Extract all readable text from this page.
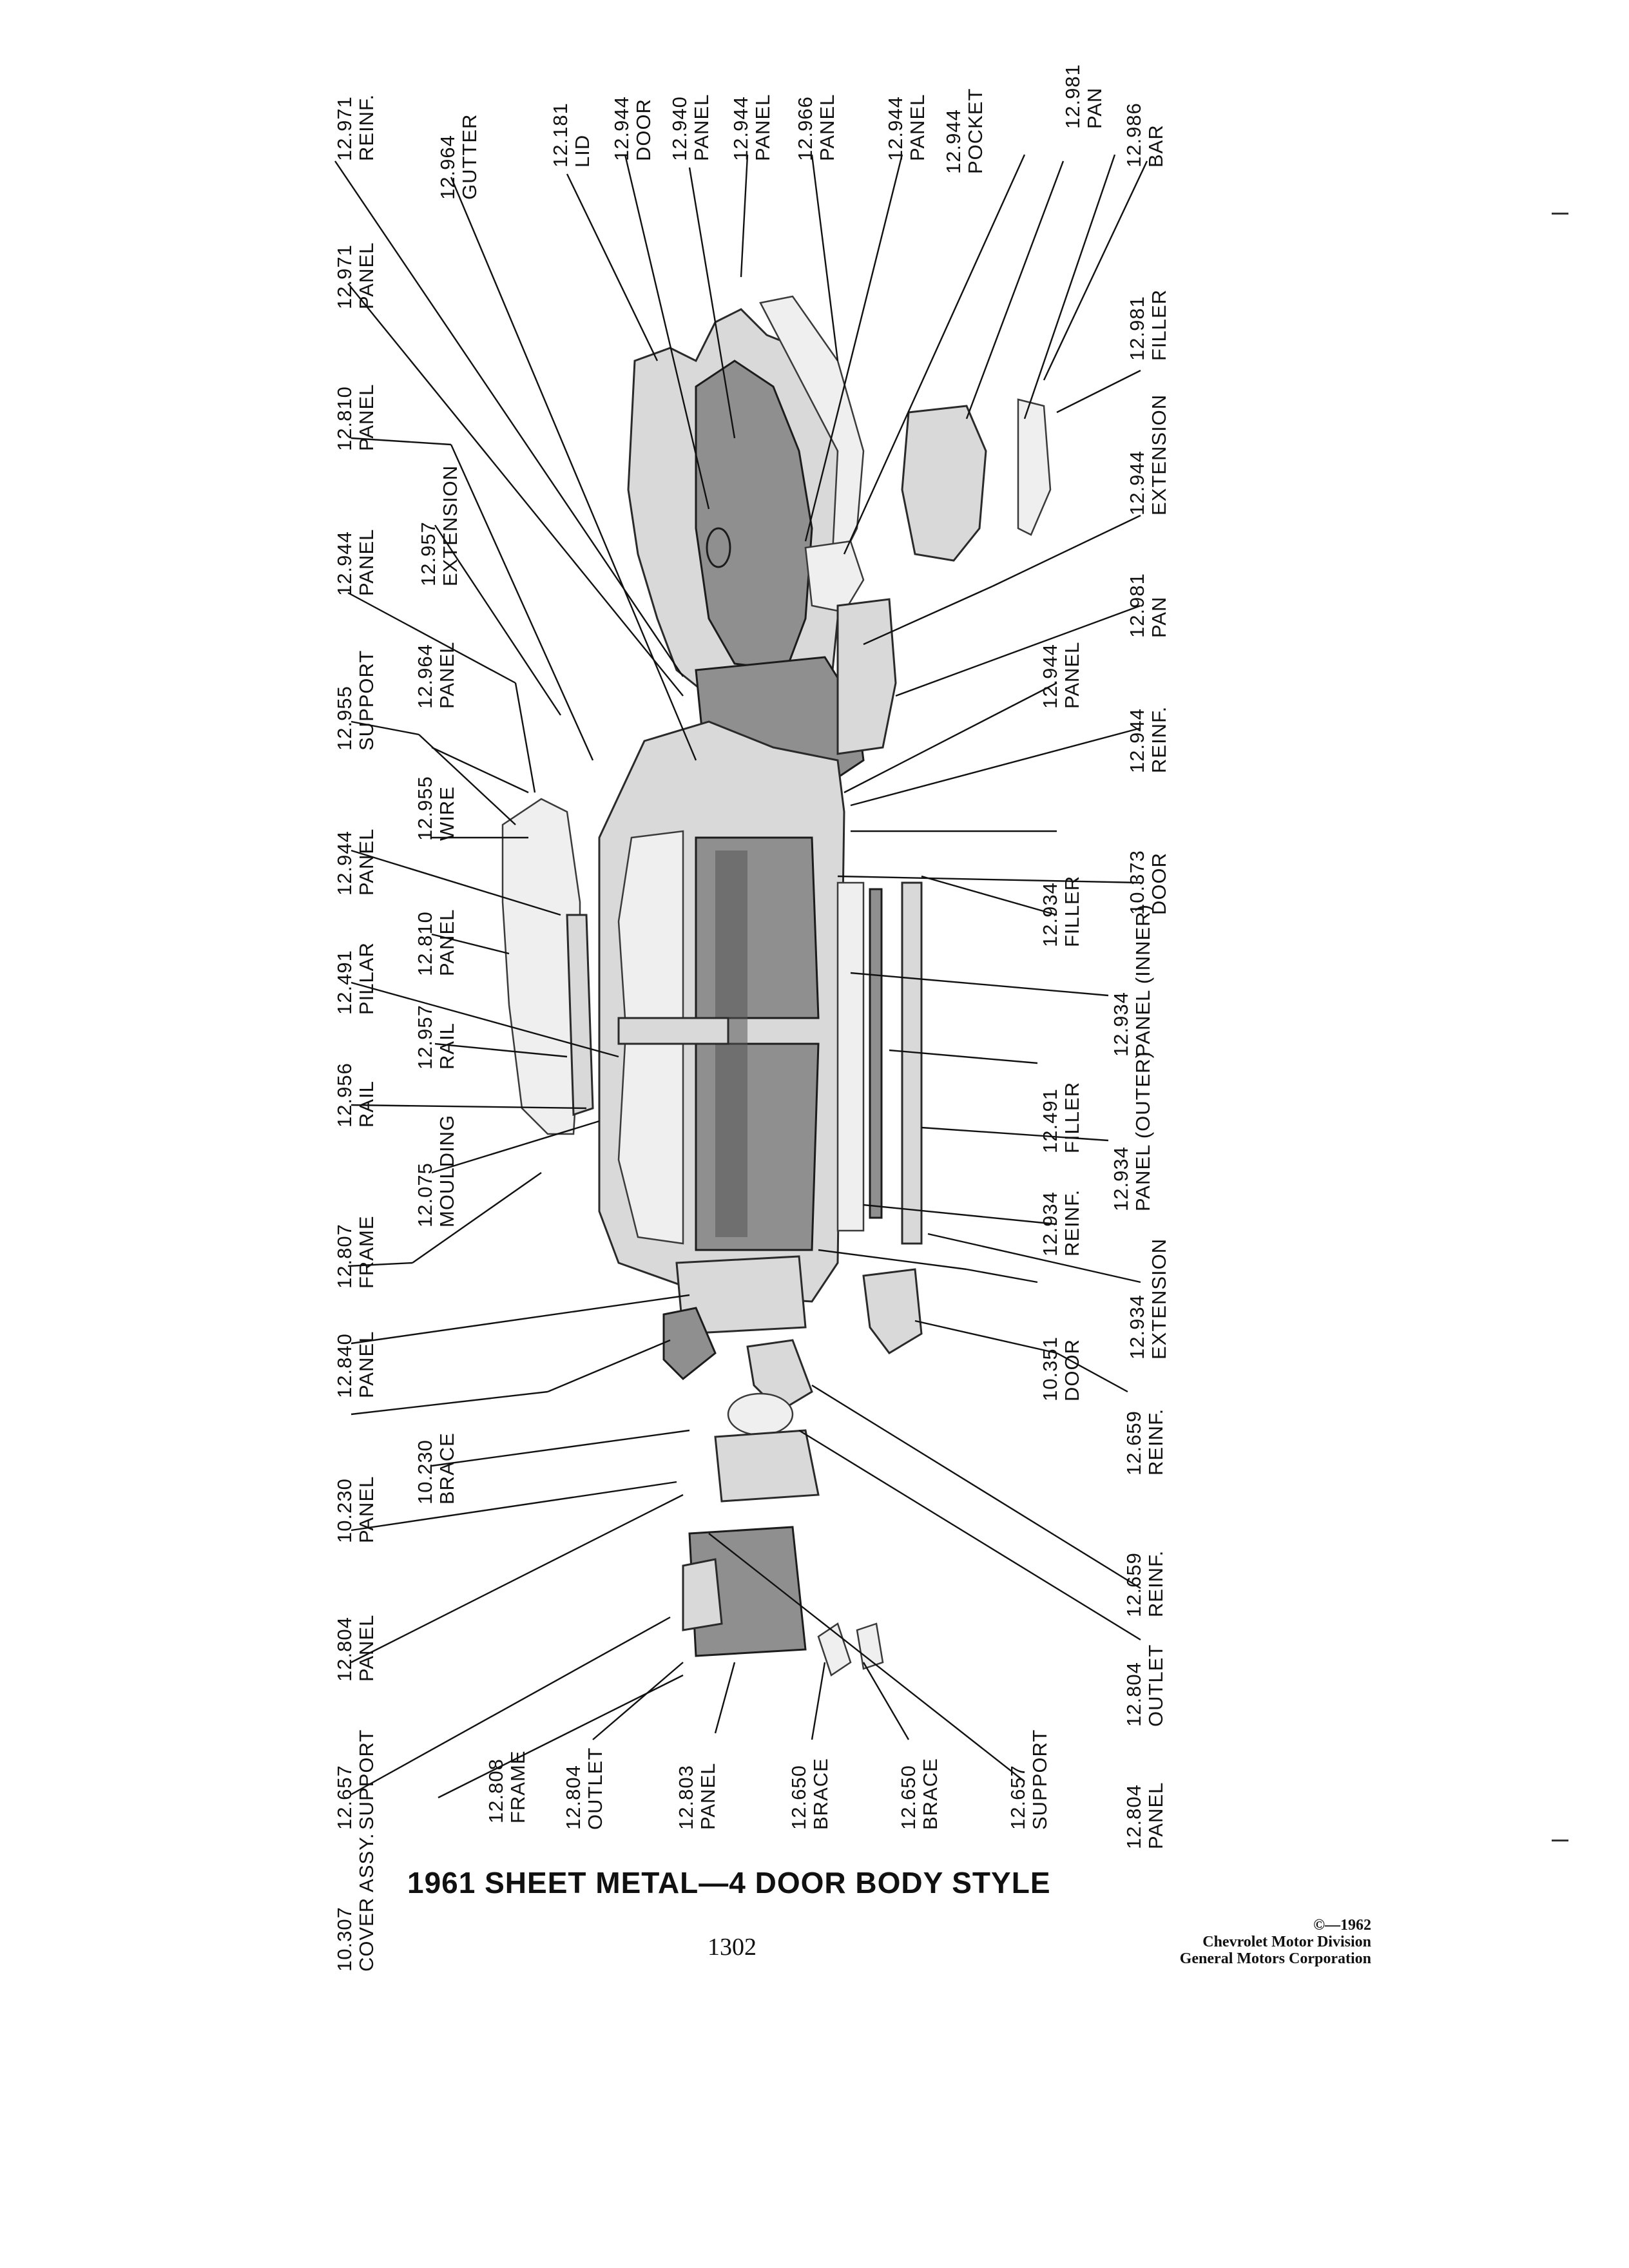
12.971 REINF.
12.971 PANEL
12.810 PANEL
12.944 PANEL
12.955 SUPPORT
12.944 PANEL
12.491 PILLAR
12.956 RAIL
12.807 FRAME
12.840 PANEL
10.230 PANEL
12.804 PANEL
12.657 SUPPORT
10.307 COVER ASSY.
12.964 GUTTER
12.957 EXTENSION
12.964 PANEL
12.955 WIRE
12.810 PANEL
12.957 RAIL
12.075 MOULDING
10.230 BRACE
12.808 FRAME
12.181 LID 12.944 DOOR
12.804 OUTLET
12.940 PANEL
12.803 PANEL
12.944 PANEL 12.966 PANEL
12.650 BRACE
12.944 PANEL 12.944 POCKET
12.650 BRACE
12.944 PANEL
12.934 FILLER
12.491 FILLER
12.934 REINF.
10.351 DOOR
12.657 SUPPORT
12.981 PAN
12.934 PANEL (INNER)
12.934 PANEL (OUTER)
12.659 REINF.
12.659 REINF.
12.804 OUTLET
12.804 PANEL
12.986 BAR
12.981 FILLER
12.944 EXTENSION
12.981 PAN
12.944 REINF.
10.373 DOOR
12.934 EXTENSION
1961 SHEET METAL—4 DOOR BODY STYLE
1302
©—1962
Chevrolet Motor Division
General Motors Corporation
